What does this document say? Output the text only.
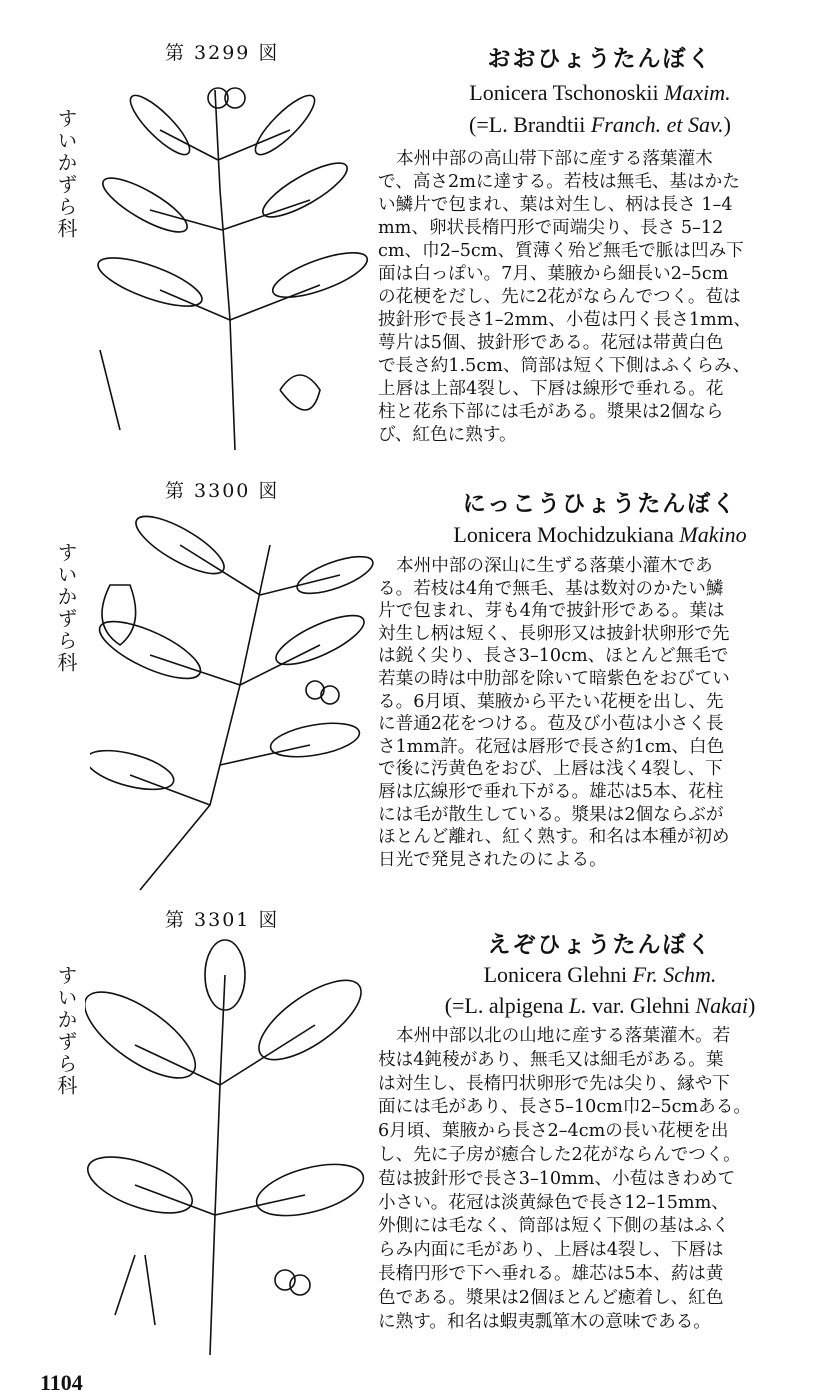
第 3299 図
すいかずら科
おおひょうたんぼく
Lonicera Tschonoskii Maxim.
(=L. Brandtii Franch. et Sav.)
本州中部の高山帯下部に産する落葉灌木
で、高さ2mに達する。若枝は無毛、基はかた
い鱗片で包まれ、葉は対生し、柄は長さ 1–4
mm、卵状長楕円形で両端尖り、長さ 5–12
cm、巾2–5cm、質薄く殆ど無毛で脈は凹み下
面は白っぽい。7月、葉腋から細長い2–5cm
の花梗をだし、先に2花がならんでつく。苞は
披針形で長さ1–2mm、小苞は円く長さ1mm、
萼片は5個、披針形である。花冠は帯黄白色
で長さ約1.5cm、筒部は短く下側はふくらみ、
上唇は上部4裂し、下唇は線形で垂れる。花
柱と花糸下部には毛がある。漿果は2個なら
び、紅色に熟す。
第 3300 図
すいかずら科
にっこうひょうたんぼく
Lonicera Mochidzukiana Makino
本州中部の深山に生ずる落葉小灌木であ
る。若枝は4角で無毛、基は数対のかたい鱗
片で包まれ、芽も4角で披針形である。葉は
対生し柄は短く、長卵形又は披針状卵形で先
は鋭く尖り、長さ3–10cm、ほとんど無毛で
若葉の時は中肋部を除いて暗紫色をおびてい
る。6月頃、葉腋から平たい花梗を出し、先
に普通2花をつける。苞及び小苞は小さく長
さ1mm許。花冠は唇形で長さ約1cm、白色
で後に汚黄色をおび、上唇は浅く4裂し、下
唇は広線形で垂れ下がる。雄芯は5本、花柱
には毛が散生している。漿果は2個ならぶが
ほとんど離れ、紅く熟す。和名は本種が初め
日光で発見されたのによる。
第 3301 図
すいかずら科
えぞひょうたんぼく
Lonicera Glehni Fr. Schm.
(=L. alpigena L. var. Glehni Nakai)
本州中部以北の山地に産する落葉灌木。若
枝は4鈍稜があり、無毛又は細毛がある。葉
は対生し、長楕円状卵形で先は尖り、縁や下
面には毛があり、長さ5–10cm巾2–5cmある。
6月頃、葉腋から長さ2–4cmの長い花梗を出
し、先に子房が癒合した2花がならんでつく。
苞は披針形で長さ3–10mm、小苞はきわめて
小さい。花冠は淡黄緑色で長さ12–15mm、
外側には毛なく、筒部は短く下側の基はふく
らみ内面に毛があり、上唇は4裂し、下唇は
長楕円形で下へ垂れる。雄芯は5本、葯は黄
色である。漿果は2個ほとんど癒着し、紅色
に熟す。和名は蝦夷瓢箪木の意味である。
1104
